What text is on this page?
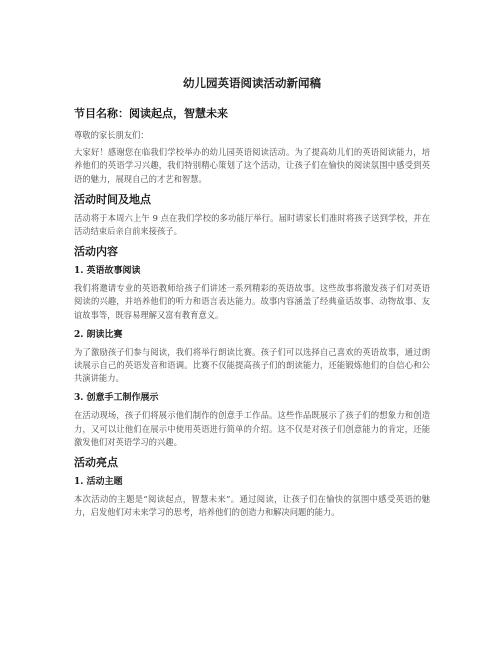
幼儿园英语阅读活动新闻稿
节目名称：阅读起点，智慧未来

尊敬的家长朋友们：

大家好！感谢您在临我们学校举办的幼儿园英语阅读活动。为了提高幼儿们的英语阅读能力，培养他们的英语学习兴趣，我们特别精心策划了这个活动，让孩子们在愉快的阅读氛围中感受到英语的魅力，展现自己的才艺和智慧。

活动时间及地点

活动将于本周六上午 9 点在我们学校的多功能厅举行。届时请家长们准时将孩子送到学校，并在活动结束后亲自前来接孩子。

活动内容
1. 英语故事阅读

我们将邀请专业的英语教师给孩子们讲述一系列精彩的英语故事。这些故事将激发孩子们对英语阅读的兴趣，并培养他们的听力和语言表达能力。故事内容涵盖了经典童话故事、动物故事、友谊故事等，既容易理解又富有教育意义。

2. 朗读比赛

为了激励孩子们参与阅读，我们将举行朗读比赛。孩子们可以选择自己喜欢的英语故事，通过朗读展示自己的英语发音和语调。比赛不仅能提高孩子们的朗读能力，还能锻炼他们的自信心和公共演讲能力。

3. 创意手工制作展示

在活动现场，孩子们将展示他们制作的创意手工作品。这些作品既展示了孩子们的想象力和创造力，又可以让他们在展示中使用英语进行简单的介绍。这不仅是对孩子们创意能力的肯定，还能激发他们对英语学习的兴趣。

活动亮点
1. 活动主题

本次活动的主题是“阅读起点，智慧未来”。通过阅读，让孩子们在愉快的氛围中感受英语的魅力，启发他们对未来学习的思考，培养他们的创造力和解决问题的能力。
